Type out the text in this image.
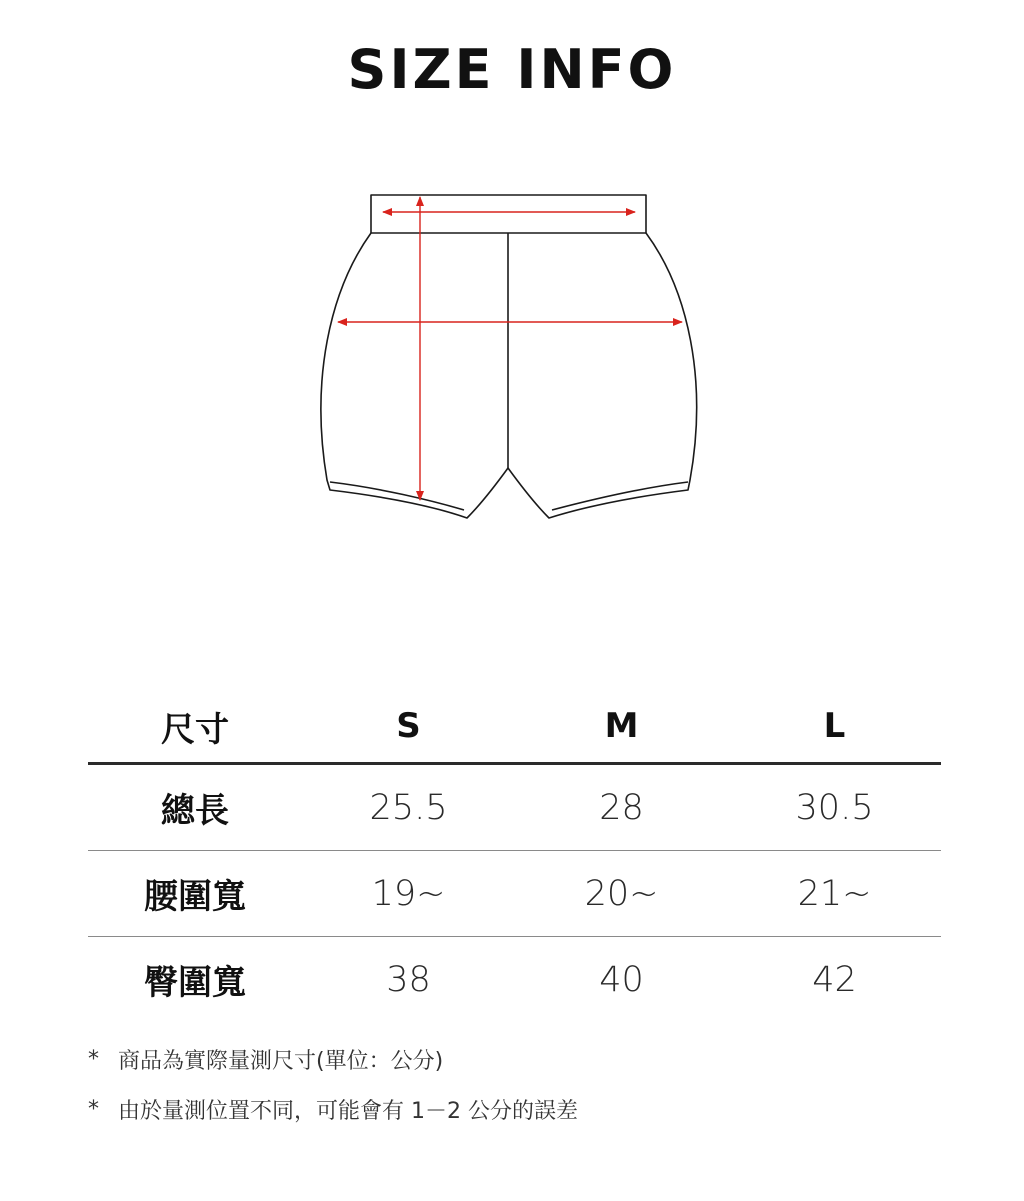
SIZE INFO
尺寸	S	M	L
總長	25.5	28	30.5
腰圍寬	19~	20~	21~
臀圍寬	38	40	42
* 商品為實際量測尺寸(單位：公分)
* 由於量測位置不同，可能會有 1－2 公分的誤差
